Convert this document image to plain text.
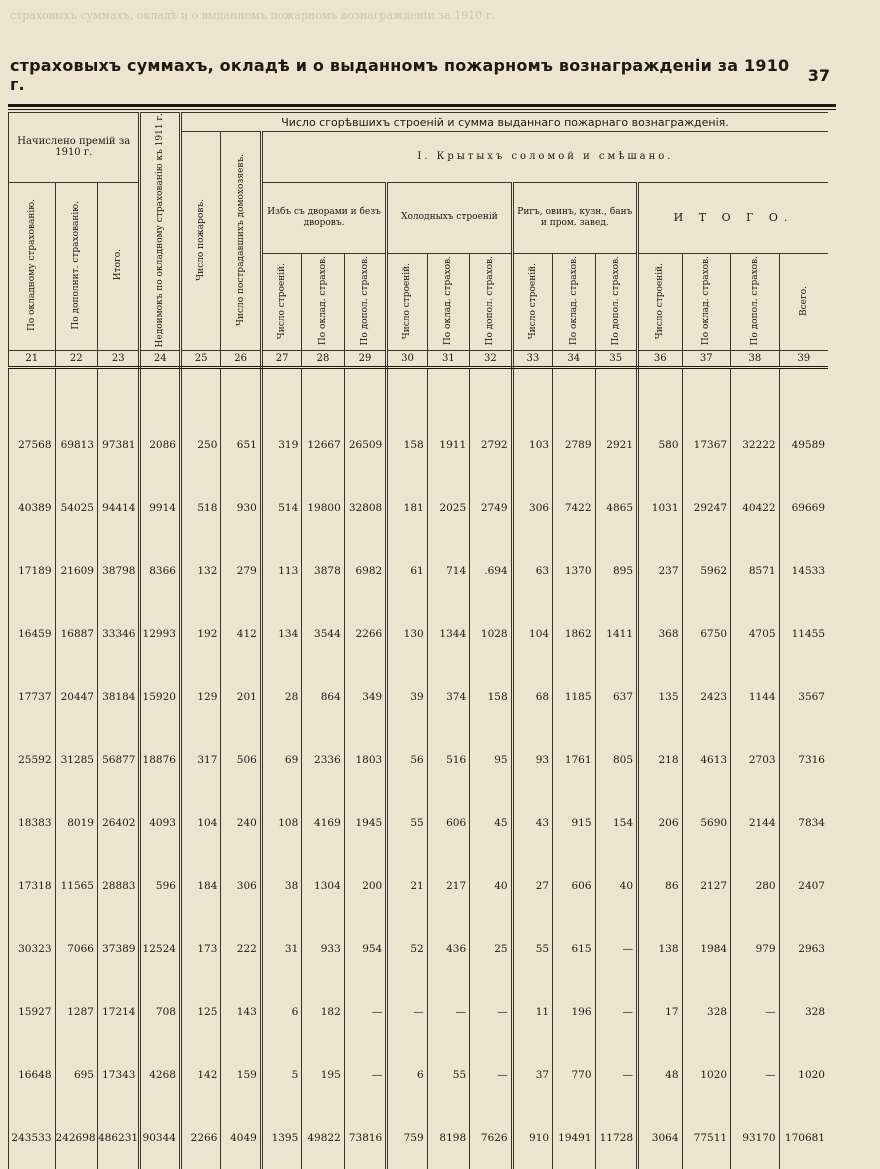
страховыхъ суммахъ, окладѣ и о выданномъ пожарномъ вознагражденіи за 1910 г.
страховыхъ суммахъ, окладѣ и о выданномъ пожарномъ вознагражденіи за 1910 г.	37
Начислено премій за 1910 г.			Недоимокъ по окладному страхованію къ 1911 г.	Число сгорѣвшихъ строеній и сумма выданнаго пожарнаго вознагражденія.														
				Число пожаровъ.	Число пострадавшихъ домохозяевъ.	I. Крытыхъ соломой и смѣшано.												
По окладному страхованію.	По дополнит. страхованію.	Итого.				Избъ съ дворами и безъ дворовъ.			Холодныхъ строеній			Ригъ, овинъ, кузн., банъ и пром. завед.			И Т О Г О.			
						Число строеній.	По оклад. страхов.	По допол. страхов.	Число строеній.	По оклад. страхов.	По допол. страхов.	Число строеній.	По оклад. страхов.	По допол. страхов.	Число строеній.	По оклад. страхов.	По допол. страхов.	Всего.
21	22	23	24	25	26	27	28	29	30	31	32	33	34	35	36	37	38	39

27568	69813	97381	2086	250	651	319	12667	26509	158	1911	2792	103	2789	2921	580	17367	32222	49589
40389	54025	94414	9914	518	930	514	19800	32808	181	2025	2749	306	7422	4865	1031	29247	40422	69669
17189	21609	38798	8366	132	279	113	3878	6982	61	714	.694	63	1370	895	237	5962	8571	14533
16459	16887	33346	12993	192	412	134	3544	2266	130	1344	1028	104	1862	1411	368	6750	4705	11455
17737	20447	38184	15920	129	201	28	864	349	39	374	158	68	1185	637	135	2423	1144	3567
25592	31285	56877	18876	317	506	69	2336	1803	56	516	95	93	1761	805	218	4613	2703	7316
18383	8019	26402	4093	104	240	108	4169	1945	55	606	45	43	915	154	206	5690	2144	7834
17318	11565	28883	596	184	306	38	1304	200	21	217	40	27	606	40	86	2127	280	2407
30323	7066	37389	12524	173	222	31	933	954	52	436	25	55	615	—	138	1984	979	2963
15927	1287	17214	708	125	143	6	182	—	—	—	—	11	196	—	17	328	—	328
16648	695	17343	4268	142	159	5	195	—	6	55	—	37	770	—	48	1020	—	1020
243533	242698	486231	90344	2266	4049	1395	49822	73816	759	8198	7626	910	19491	11728	3064	77511	93170	170681
